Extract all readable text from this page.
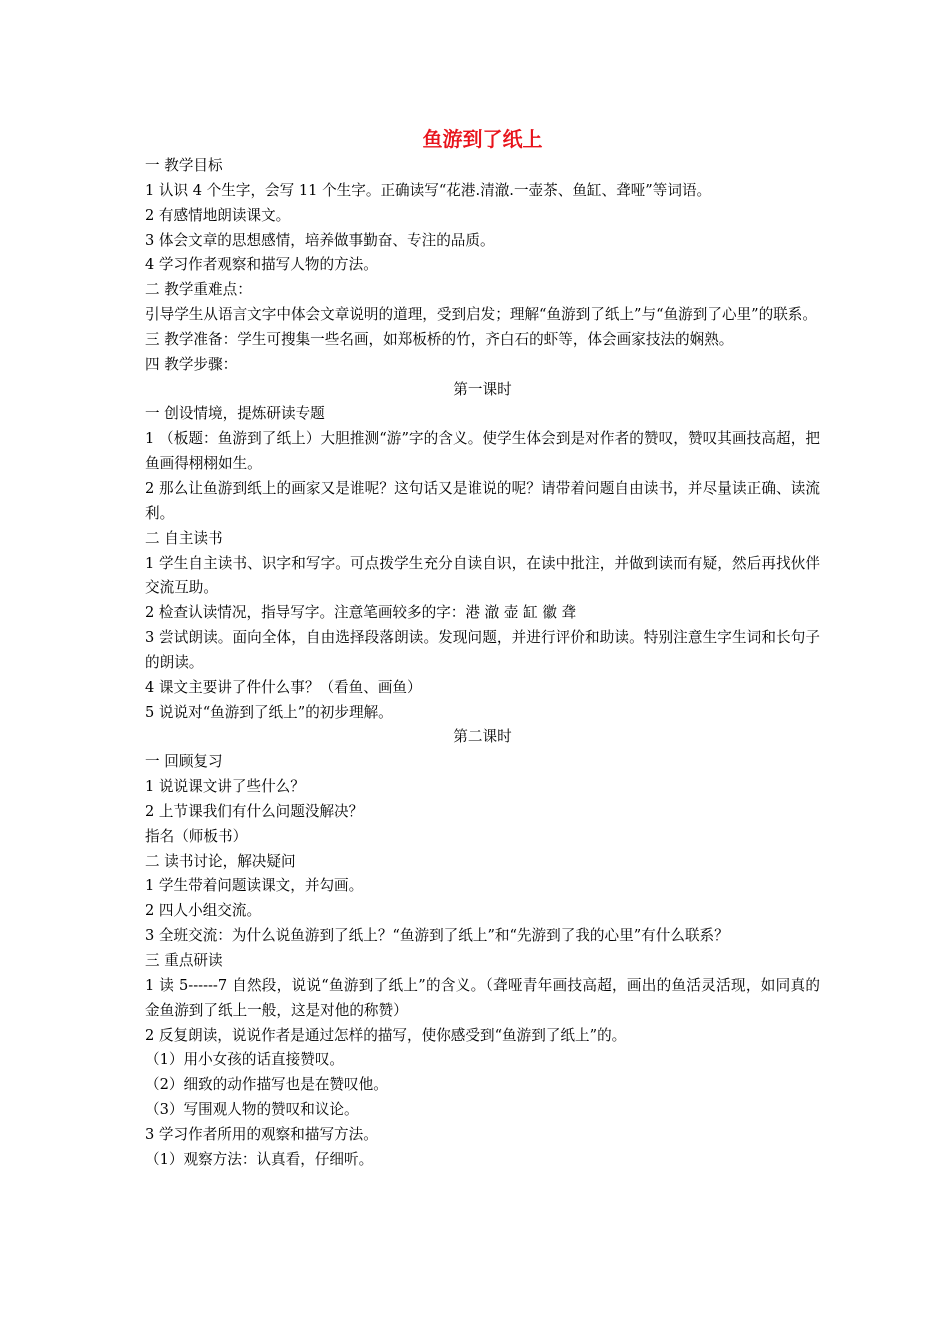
鱼游到了纸上

一 教学目标

1 认识 4 个生字，会写 11 个生字。正确读写“花港.清澈.一壶茶、鱼缸、聋哑”等词语。

2 有感情地朗读课文。

3 体会文章的思想感情，培养做事勤奋、专注的品质。

4 学习作者观察和描写人物的方法。

二 教学重难点：

引导学生从语言文字中体会文章说明的道理，受到启发；理解“鱼游到了纸上”与“鱼游到了心里”的联系。

三 教学准备：学生可搜集一些名画，如郑板桥的竹，齐白石的虾等，体会画家技法的娴熟。

四 教学步骤：

第一课时

一 创设情境，提炼研读专题

1 （板题：鱼游到了纸上）大胆推测“游”字的含义。使学生体会到是对作者的赞叹，赞叹其画技高超，把鱼画得栩栩如生。

2 那么让鱼游到纸上的画家又是谁呢？这句话又是谁说的呢？请带着问题自由读书，并尽量读正确、读流利。

二 自主读书

1 学生自主读书、识字和写字。可点拨学生充分自读自识，在读中批注，并做到读而有疑，然后再找伙伴交流互助。

2 检查认读情况，指导写字。注意笔画较多的字：港 澈 壶 缸 徽 聋

3 尝试朗读。面向全体，自由选择段落朗读。发现问题，并进行评价和助读。特别注意生字生词和长句子的朗读。

4 课文主要讲了件什么事？（看鱼、画鱼）

5 说说对“鱼游到了纸上”的初步理解。

第二课时

一 回顾复习

1 说说课文讲了些什么？

2 上节课我们有什么问题没解决？

指名（师板书）

二 读书讨论，解决疑问

1 学生带着问题读课文，并勾画。

2 四人小组交流。

3 全班交流：为什么说鱼游到了纸上？“鱼游到了纸上”和“先游到了我的心里”有什么联系？

三 重点研读

1 读 5------7 自然段，说说“鱼游到了纸上”的含义。（聋哑青年画技高超，画出的鱼活灵活现，如同真的金鱼游到了纸上一般，这是对他的称赞）

2 反复朗读，说说作者是通过怎样的描写，使你感受到“鱼游到了纸上”的。

（1）用小女孩的话直接赞叹。

（2）细致的动作描写也是在赞叹他。

（3）写围观人物的赞叹和议论。

3 学习作者所用的观察和描写方法。

（1）观察方法：认真看，仔细听。
